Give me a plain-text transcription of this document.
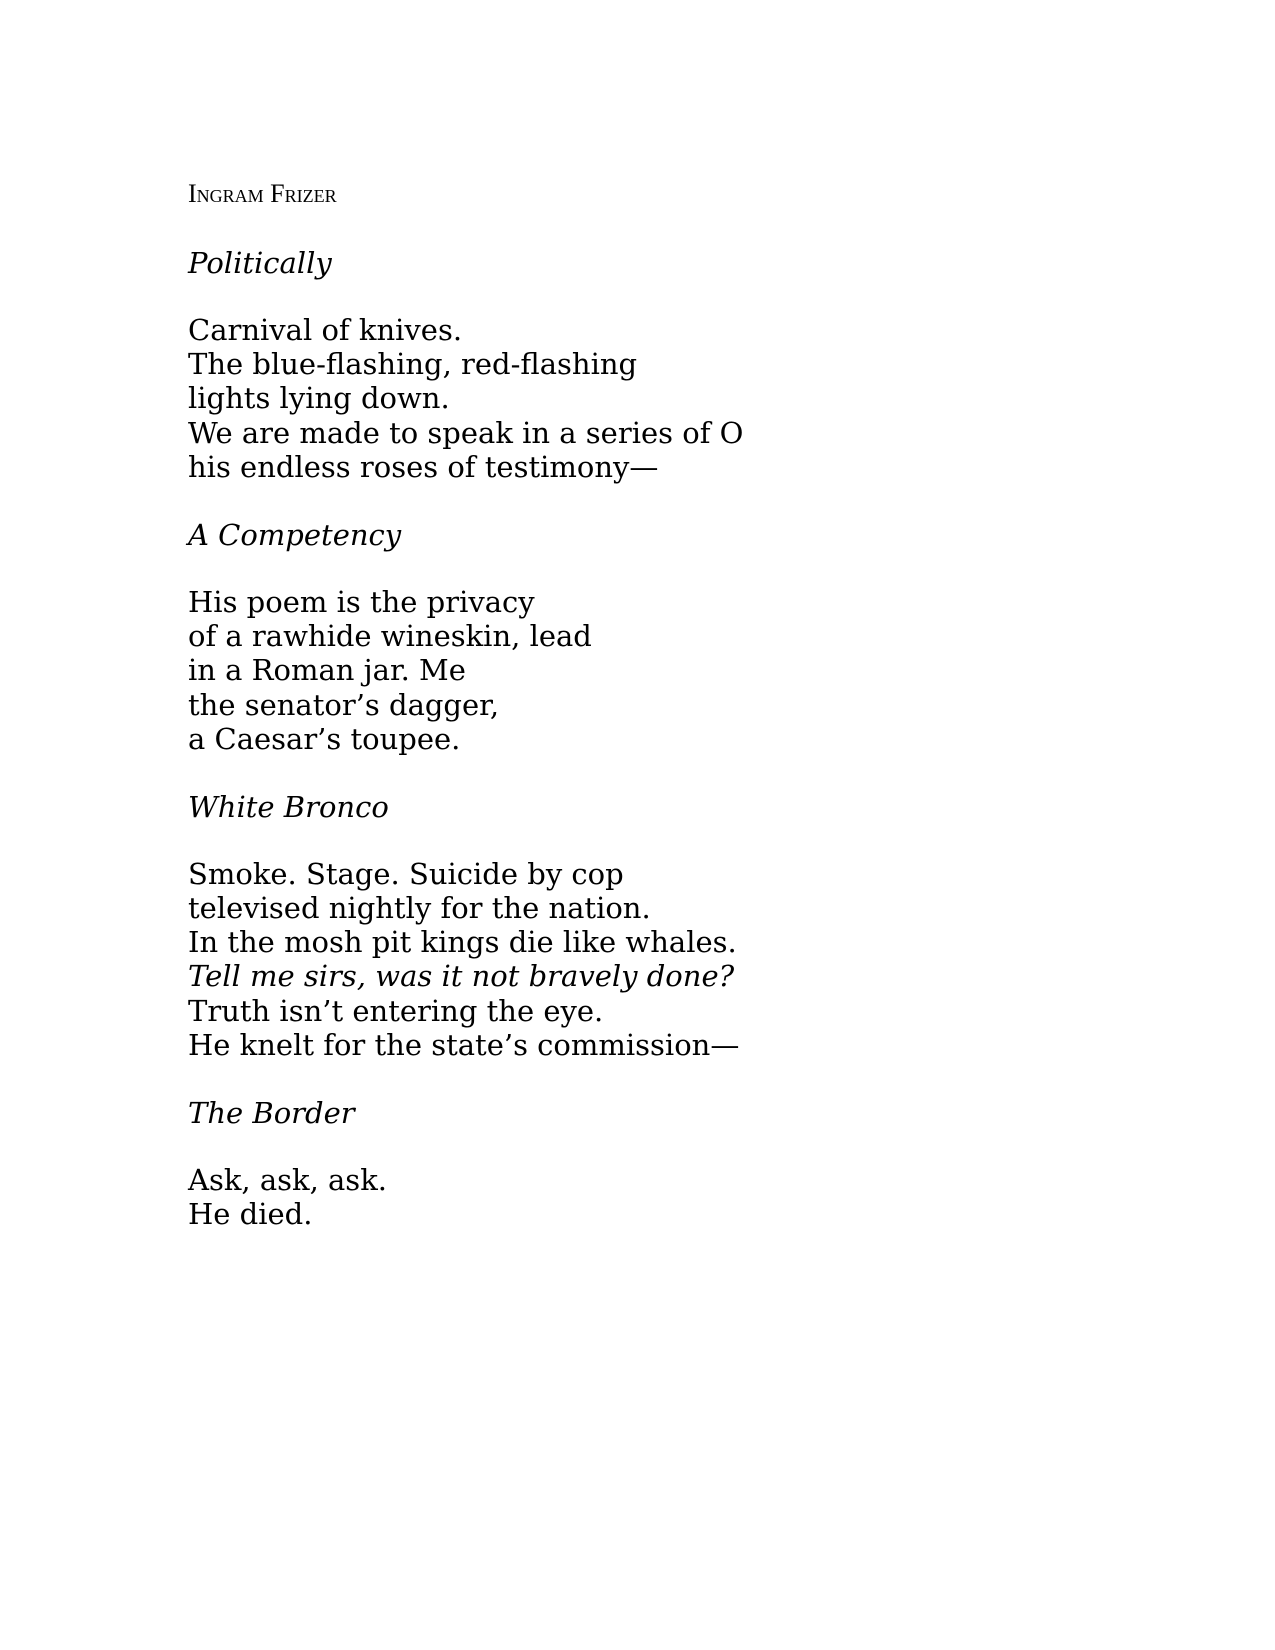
Ingram Frizer
Politically
Carnival of knives.
The blue-flashing, red-flashing
lights lying down.
We are made to speak in a series of O
his endless roses of testimony—
A Competency
His poem is the privacy
of a rawhide wineskin, lead
in a Roman jar. Me
the senator’s dagger,
a Caesar’s toupee.
White Bronco
Smoke. Stage. Suicide by cop
televised nightly for the nation.
In the mosh pit kings die like whales.
Tell me sirs, was it not bravely done?
Truth isn’t entering the eye.
He knelt for the state’s commission—
The Border
Ask, ask, ask.
He died.
